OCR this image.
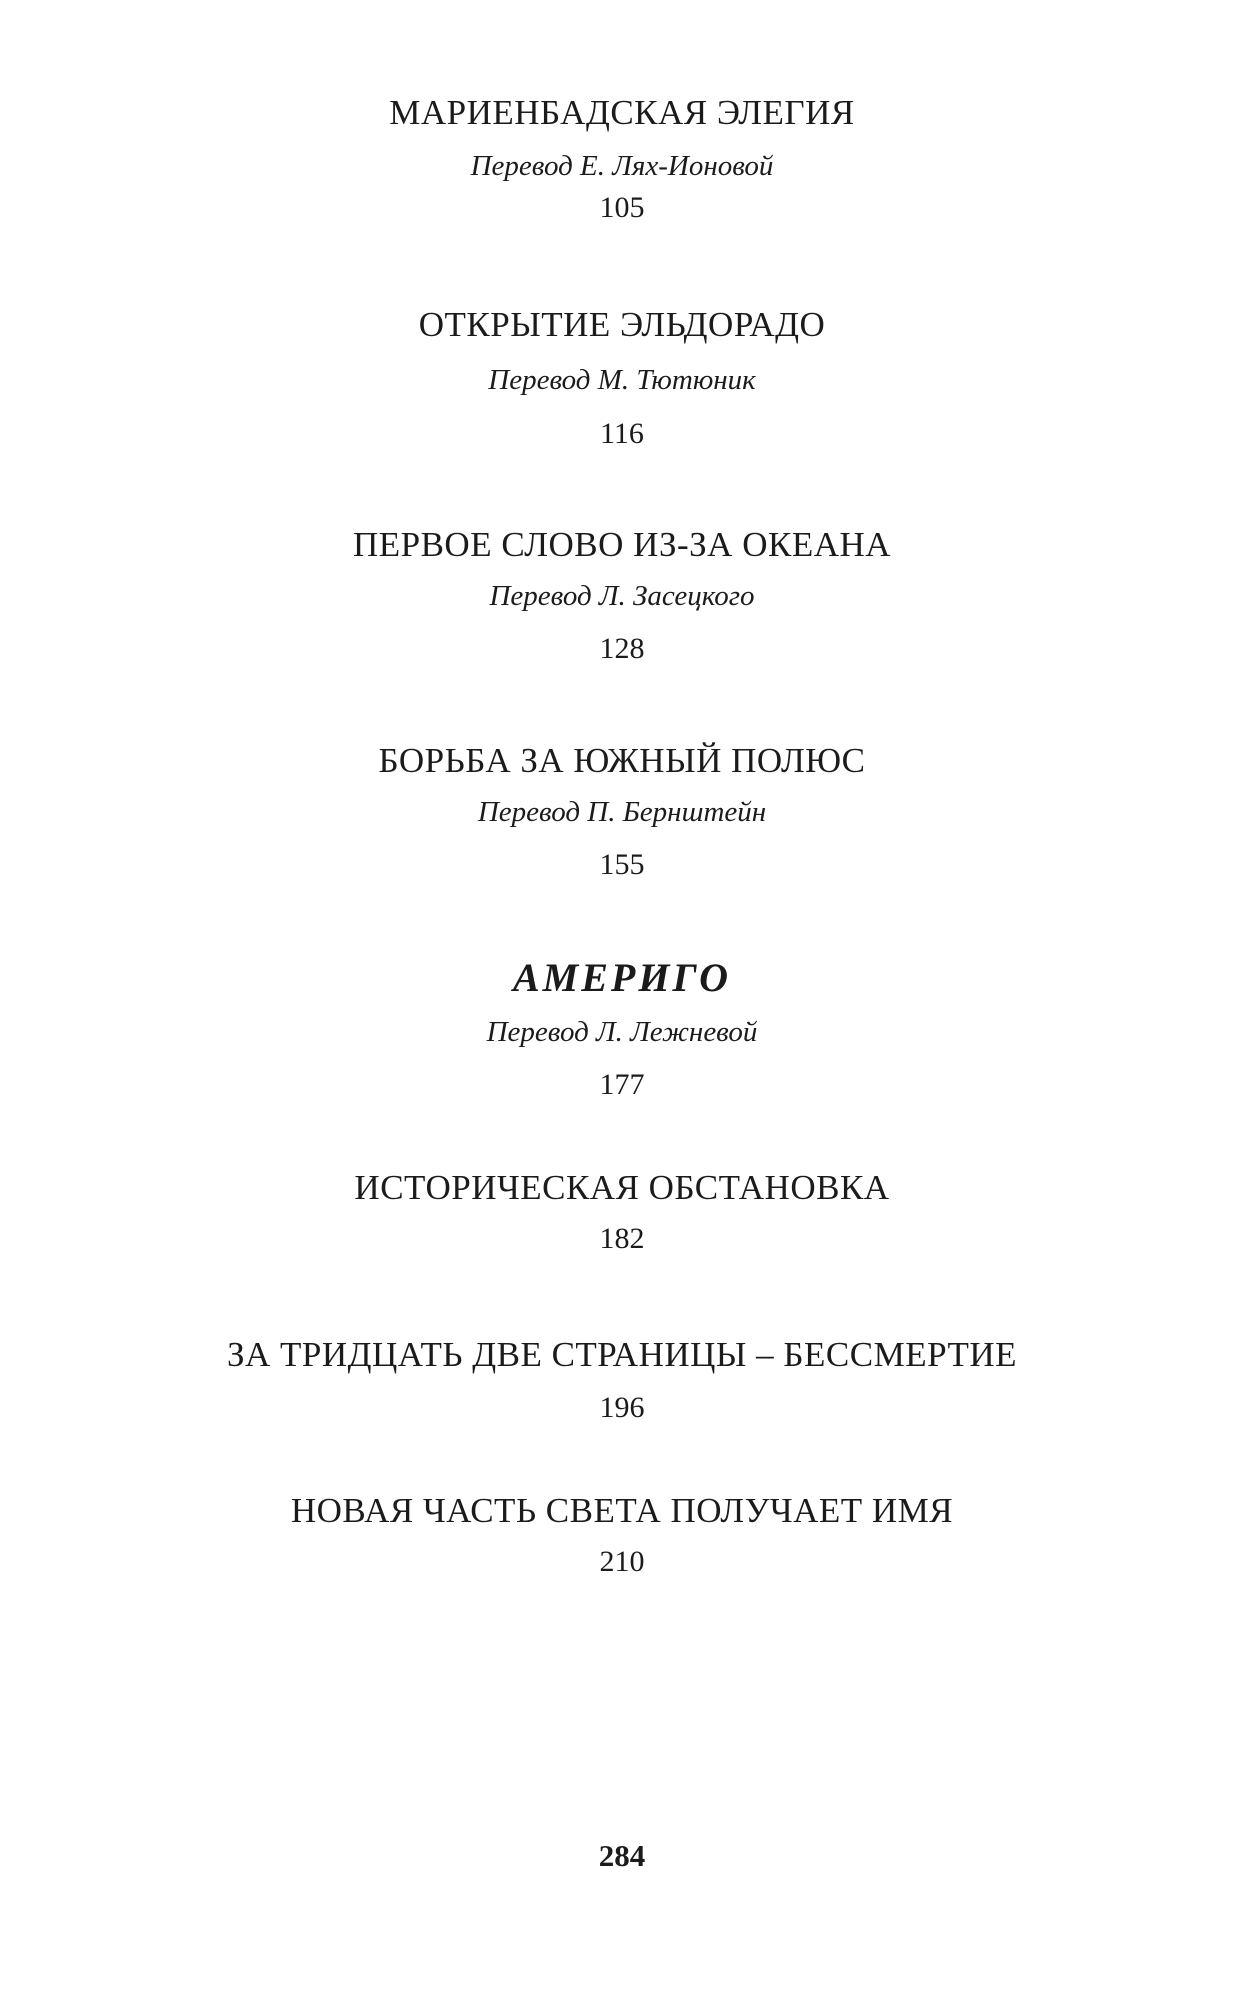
МАРИЕНБАДСКАЯ ЭЛЕГИЯ
Перевод Е. Лях-Ионовой
105
ОТКРЫТИЕ ЭЛЬДОРАДО
Перевод М. Тютюник
116
ПЕРВОЕ СЛОВО ИЗ-ЗА ОКЕАНА
Перевод Л. Засецкого
128
БОРЬБА ЗА ЮЖНЫЙ ПОЛЮС
Перевод П. Бернштейн
155
АМЕРИГО
Перевод Л. Лежневой
177
ИСТОРИЧЕСКАЯ ОБСТАНОВКА
182
ЗА ТРИДЦАТЬ ДВЕ СТРАНИЦЫ – БЕССМЕРТИЕ
196
НОВАЯ ЧАСТЬ СВЕТА ПОЛУЧАЕТ ИМЯ
210
284
